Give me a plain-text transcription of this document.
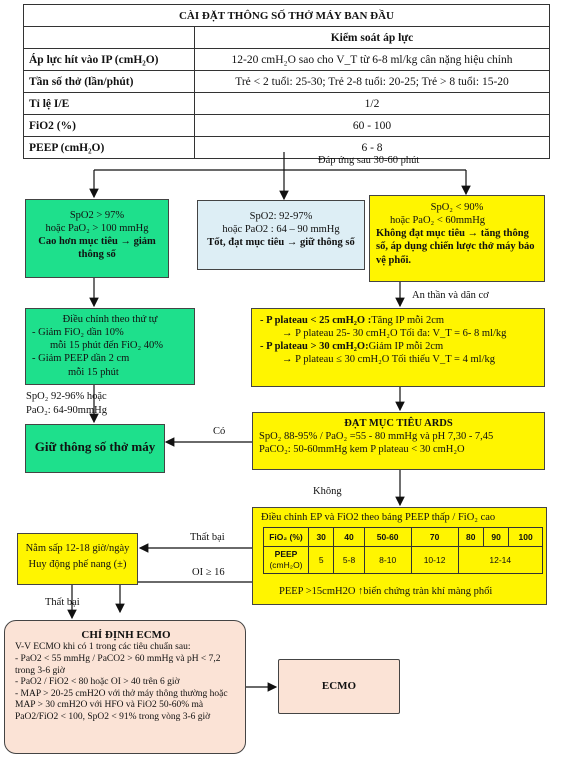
CÀI ĐẶT THÔNG SỐ THỞ MÁY BAN ĐẦU	
	Kiểm soát áp lực
Áp lực hít vào IP (cmH₂O)	12-20 cmH₂O sao cho V_T từ 6-8 ml/kg cân nặng hiệu chỉnh
Tần số thở (lần/phút)	Trẻ < 2 tuổi: 25-30; Trẻ 2-8 tuổi: 20-25; Trẻ > 8 tuổi: 15-20
Tỉ lệ I/E	1/2
FiO2 (%)	60 - 100
PEEP (cmH₂O)	6 - 8
Đáp ứng sau 30-60 phút
SpO2 > 97%
hoặc PaO₂ > 100 mmHg
Cao hơn mục tiêu → giảm thông số
SpO2: 92-97%
hoặc PaO2 : 64 – 90 mmHg
Tốt, đạt mục tiêu → giữ thông số
SpO₂ < 90%
hoặc PaO₂ < 60mmHg
Không đạt mục tiêu → tăng thông số, áp dụng chiến lược thở máy bảo vệ phổi.
An thần và dãn cơ
Điều chỉnh theo thứ tự
- Giảm FiO₂ dần 10%
mỗi 15 phút đến FiO₂ 40%
- Giảm PEEP dần 2 cm
mỗi 15 phút
SpO₂ 92-96% hoặc
PaO₂: 64-90mmHg
- P plateau < 25 cmH₂O :Tăng IP mỗi 2cm
→ P plateau 25- 30 cmH₂O Tối đa: V_T = 6- 8 ml/kg
- P plateau > 30 cmH₂O:Giảm IP mỗi 2cm
→ P plateau ≤ 30 cmH₂O Tối thiểu V_T = 4 ml/kg
Giữ thông số thở máy
Có
ĐẠT MỤC TIÊU ARDS
SpO₂ 88-95% / PaO₂ =55 - 80 mmHg và pH 7,30 - 7,45
PaCO₂: 50-60mmHg kem P plateau < 30 cmH₂O
Không
Điều chỉnh EP và FiO2 theo bảng PEEP thấp / FiO₂ cao
FiO₂ (%)	30	40	50-60	70	80	90	100

PEEP
(cmH₂O)	5	5-8	8-10	10-12	12-14		
PEEP >15cmH2O ↑biến chứng tràn khí màng phổi
Thất bại
OI ≥ 16
Nằm sấp 12-18 giờ/ngày
Huy động phế nang (±)
Thất bại
CHỈ ĐỊNH ECMO
V-V ECMO khi có 1 trong các tiêu chuẩn sau:
- PaO2 < 55 mmHg / PaCO2 > 60 mmHg và pH < 7,2 trong 3-6 giờ
- PaO2 / FiO2 < 80 hoặc OI > 40 trên 6 giờ
- MAP > 20-25 cmH2O với thở máy thông thường hoặc MAP > 30 cmH2O với HFO và FiO2 50-60% mà PaO2/FiO2 < 100, SpO2 < 91% trong vòng 3-6 giờ
ECMO
